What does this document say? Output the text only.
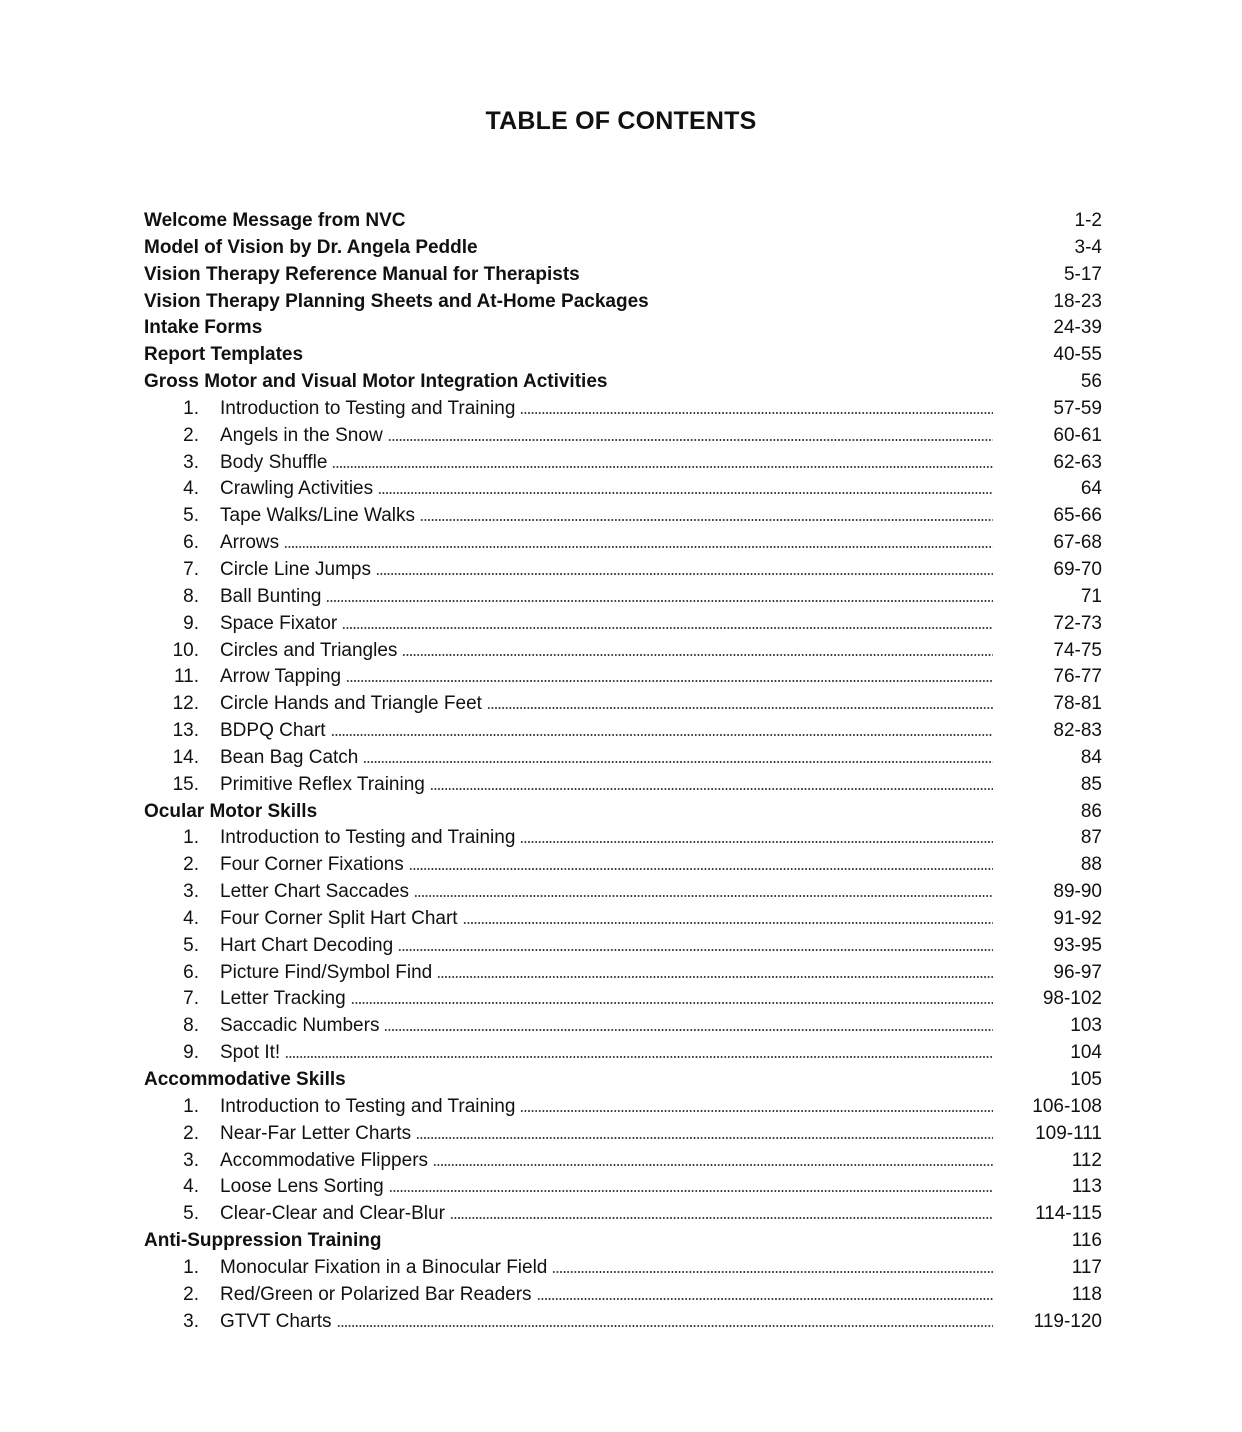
TABLE OF CONTENTS
Welcome Message from NVC	1-2
Model of Vision by Dr. Angela Peddle	3-4
Vision Therapy Reference Manual for Therapists	5-17
Vision Therapy Planning Sheets and At-Home Packages	18-23
Intake Forms	24-39
Report Templates	40-55
Gross Motor and Visual Motor Integration Activities	56
1. Introduction to Testing and Training	57-59
2. Angels in the Snow	60-61
3. Body Shuffle	62-63
4. Crawling Activities	64
5. Tape Walks/Line Walks	65-66
6. Arrows	67-68
7. Circle Line Jumps	69-70
8. Ball Bunting	71
9. Space Fixator	72-73
10. Circles and Triangles	74-75
11. Arrow Tapping	76-77
12. Circle Hands and Triangle Feet	78-81
13. BDPQ Chart	82-83
14. Bean Bag Catch	84
15. Primitive Reflex Training	85
Ocular Motor Skills	86
1. Introduction to Testing and Training	87
2. Four Corner Fixations	88
3. Letter Chart Saccades	89-90
4. Four Corner Split Hart Chart	91-92
5. Hart Chart Decoding	93-95
6. Picture Find/Symbol Find	96-97
7. Letter Tracking	98-102
8. Saccadic Numbers	103
9. Spot It!	104
Accommodative Skills	105
1. Introduction to Testing and Training	106-108
2. Near-Far Letter Charts	109-111
3. Accommodative Flippers	112
4. Loose Lens Sorting	113
5. Clear-Clear and Clear-Blur	114-115
Anti-Suppression Training	116
1. Monocular Fixation in a Binocular Field	117
2. Red/Green or Polarized Bar Readers	118
3. GTVT Charts	119-120
